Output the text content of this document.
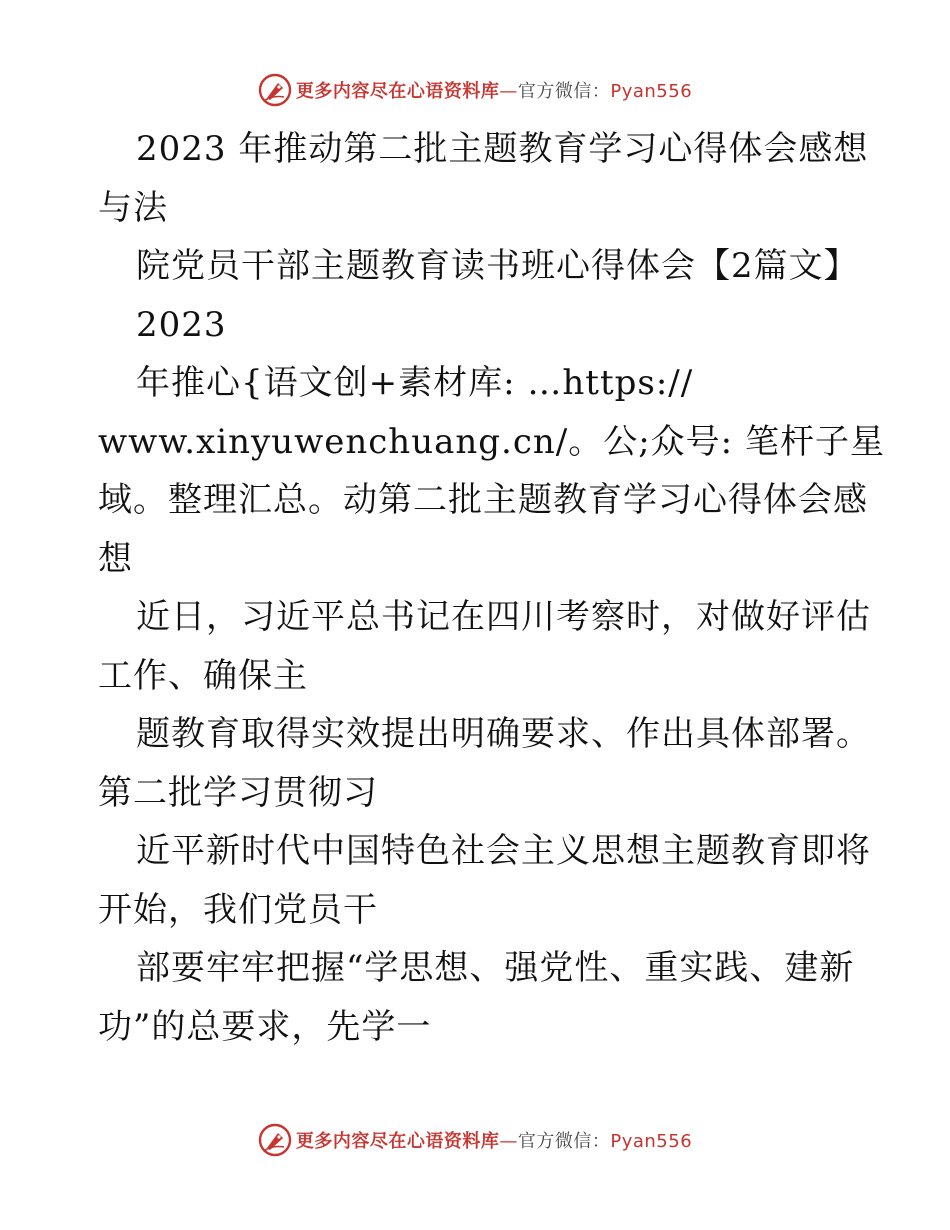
更多内容尽在心语资料库—官方微信：Pyan556
2023 年推动第二批主题教育学习心得体会感想
与法
院党员干部主题教育读书班心得体会【2篇文】
2023
年推心{语文创+素材库: …https://
www.xinyuwenchuang.cn/。公;众号: 笔杆子星
域。整理汇总。动第二批主题教育学习心得体会感
想
近日，习近平总书记在四川考察时，对做好评估
工作、确保主
题教育取得实效提出明确要求、作出具体部署。
第二批学习贯彻习
近平新时代中国特色社会主义思想主题教育即将
开始，我们党员干
部要牢牢把握“学思想、强党性、重实践、建新
功”的总要求，先学一
更多内容尽在心语资料库—官方微信：Pyan556
